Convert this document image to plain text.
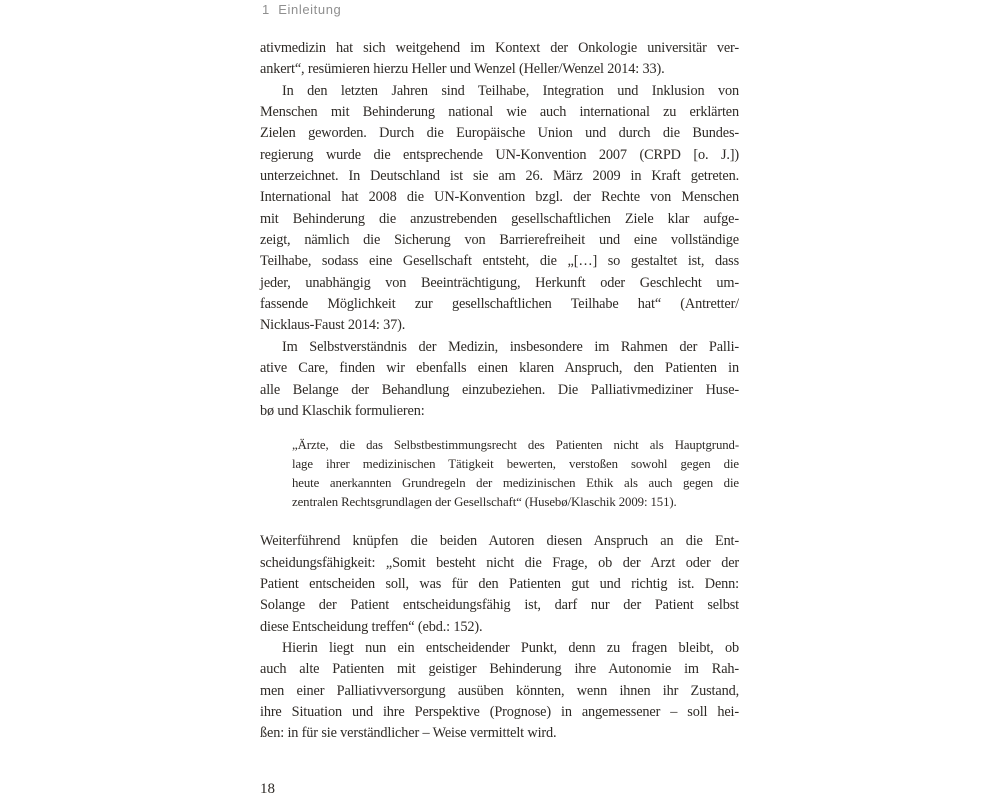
1  Einleitung
ativmedizin hat sich weitgehend im Kontext der Onkologie universitär ver-
ankert“, resümieren hierzu Heller und Wenzel (Heller/Wenzel 2014: 33).
In den letzten Jahren sind Teilhabe, Integration und Inklusion von
Menschen mit Behinderung national wie auch international zu erklärten
Zielen geworden. Durch die Europäische Union und durch die Bundes-
regierung wurde die entsprechende UN-Konvention 2007 (CRPD [o. J.])
unterzeichnet. In Deutschland ist sie am 26. März 2009 in Kraft getreten.
International hat 2008 die UN-Konvention bzgl. der Rechte von Menschen
mit Behinderung die anzustrebenden gesellschaftlichen Ziele klar aufge-
zeigt, nämlich die Sicherung von Barrierefreiheit und eine vollständige
Teilhabe, sodass eine Gesellschaft entsteht, die „[…] so gestaltet ist, dass
jeder, unabhängig von Beeinträchtigung, Herkunft oder Geschlecht um-
fassende Möglichkeit zur gesellschaftlichen Teilhabe hat“ (Antretter/
Nicklaus-Faust 2014: 37).
Im Selbstverständnis der Medizin, insbesondere im Rahmen der Palli-
ative Care, finden wir ebenfalls einen klaren Anspruch, den Patienten in
alle Belange der Behandlung einzubeziehen. Die Palliativmediziner Huse-
bø und Klaschik formulieren:
„Ärzte, die das Selbstbestimmungsrecht des Patienten nicht als Hauptgrund-
lage ihrer medizinischen Tätigkeit bewerten, verstoßen sowohl gegen die
heute anerkannten Grundregeln der medizinischen Ethik als auch gegen die
zentralen Rechtsgrundlagen der Gesellschaft“ (Husebø/Klaschik 2009: 151).
Weiterführend knüpfen die beiden Autoren diesen Anspruch an die Ent-
scheidungsfähigkeit: „Somit besteht nicht die Frage, ob der Arzt oder der
Patient entscheiden soll, was für den Patienten gut und richtig ist. Denn:
Solange der Patient entscheidungsfähig ist, darf nur der Patient selbst
diese Entscheidung treffen“ (ebd.: 152).
Hierin liegt nun ein entscheidender Punkt, denn zu fragen bleibt, ob
auch alte Patienten mit geistiger Behinderung ihre Autonomie im Rah-
men einer Palliativversorgung ausüben könnten, wenn ihnen ihr Zustand,
ihre Situation und ihre Perspektive (Prognose) in angemessener – soll hei-
ßen: in für sie verständlicher – Weise vermittelt wird.
18
